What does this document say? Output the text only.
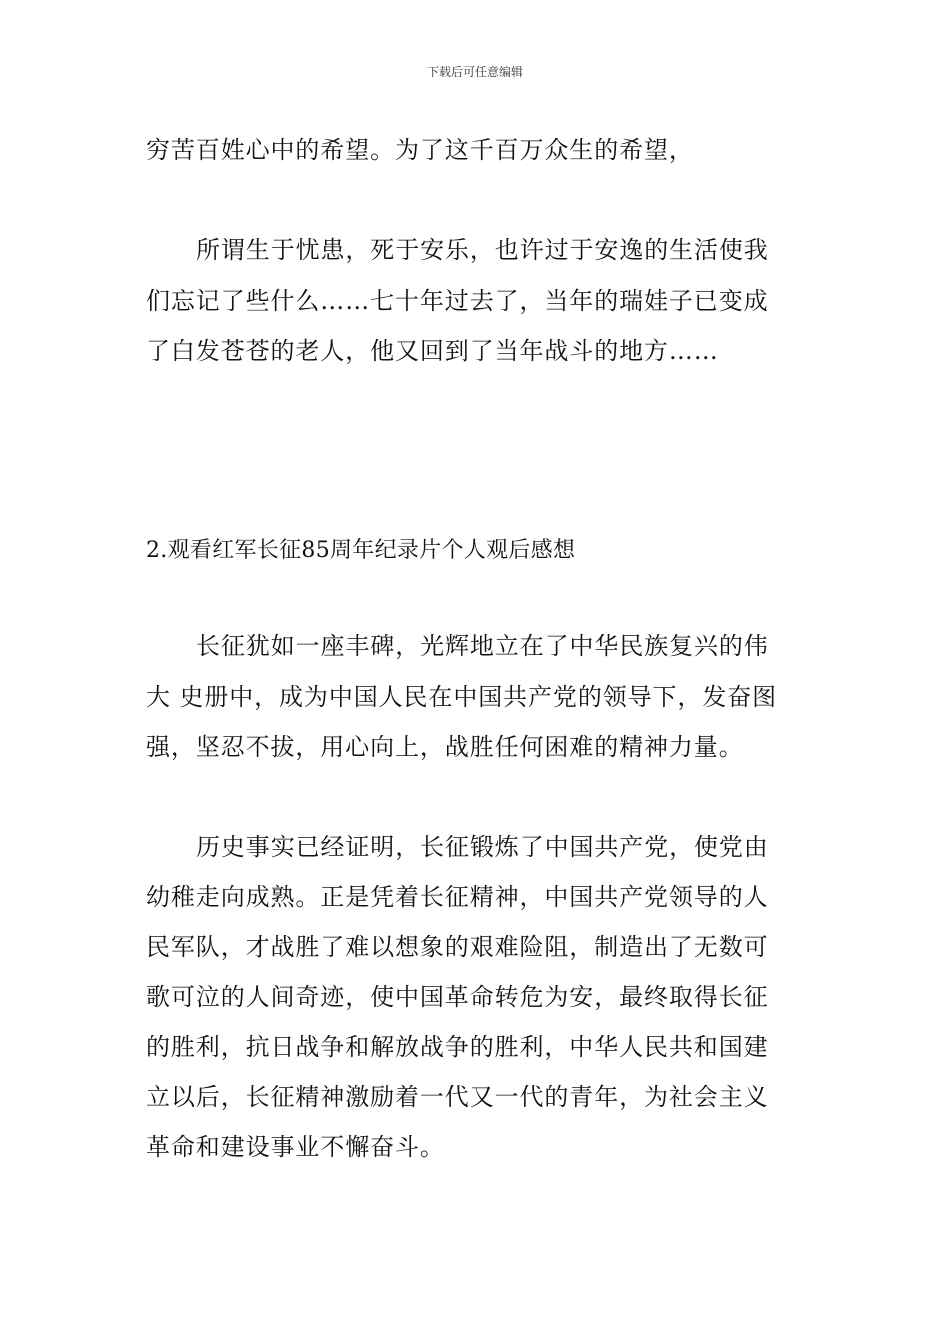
下载后可任意编辑
穷苦百姓心中的希望。为了这千百万众生的希望，
所谓生于忧患，死于安乐，也许过于安逸的生活使我
们忘记了些什么……七十年过去了，当年的瑞娃子已变成
了白发苍苍的老人，他又回到了当年战斗的地方……
2.观看红军长征85周年纪录片个人观后感想
长征犹如一座丰碑，光辉地立在了中华民族复兴的伟
大 史册中，成为中国人民在中国共产党的领导下，发奋图
强，坚忍不拔，用心向上，战胜任何困难的精神力量。
历史事实已经证明，长征锻炼了中国共产党，使党由
幼稚走向成熟。正是凭着长征精神，中国共产党领导的人
民军队，才战胜了难以想象的艰难险阻，制造出了无数可
歌可泣的人间奇迹，使中国革命转危为安，最终取得长征
的胜利，抗日战争和解放战争的胜利，中华人民共和国建
立以后，长征精神激励着一代又一代的青年，为社会主义
革命和建设事业不懈奋斗。
